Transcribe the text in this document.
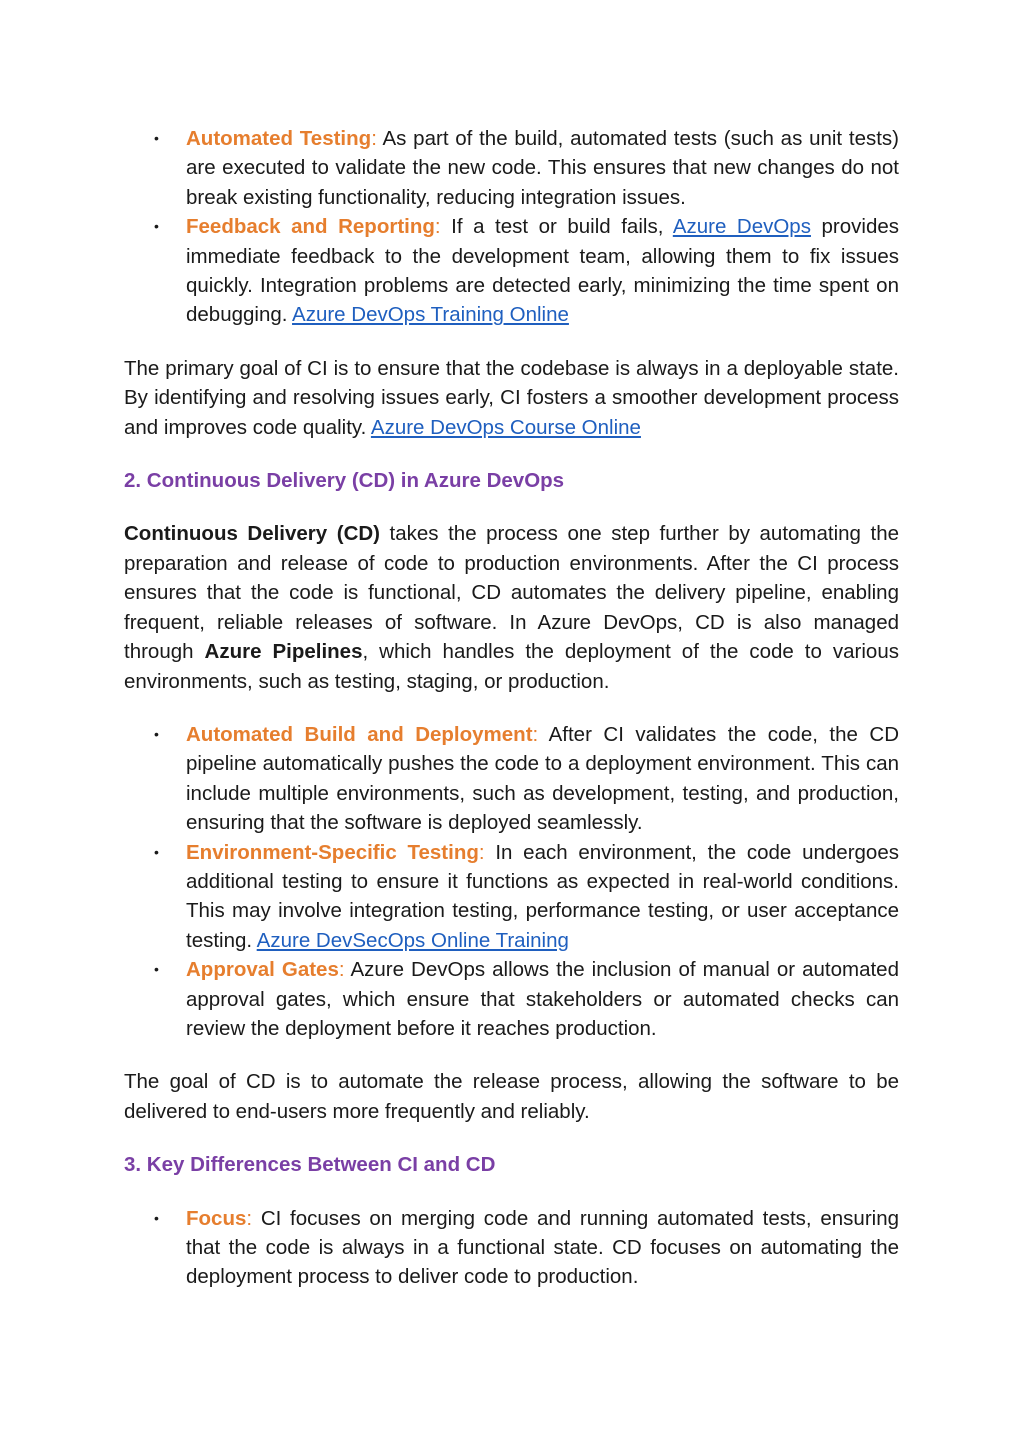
• Automated Testing: As part of the build, automated tests (such as unit tests) are executed to validate the new code. This ensures that new changes do not break existing functionality, reducing integration issues.
• Feedback and Reporting: If a test or build fails, Azure DevOps provides immediate feedback to the development team, allowing them to fix issues quickly. Integration problems are detected early, minimizing the time spent on debugging. Azure DevOps Training Online

The primary goal of CI is to ensure that the codebase is always in a deployable state. By identifying and resolving issues early, CI fosters a smoother development process and improves code quality. Azure DevOps Course Online

2. Continuous Delivery (CD) in Azure DevOps

Continuous Delivery (CD) takes the process one step further by automating the preparation and release of code to production environments. After the CI process ensures that the code is functional, CD automates the delivery pipeline, enabling frequent, reliable releases of software. In Azure DevOps, CD is also managed through Azure Pipelines, which handles the deployment of the code to various environments, such as testing, staging, or production.

• Automated Build and Deployment: After CI validates the code, the CD pipeline automatically pushes the code to a deployment environment. This can include multiple environments, such as development, testing, and production, ensuring that the software is deployed seamlessly.
• Environment-Specific Testing: In each environment, the code undergoes additional testing to ensure it functions as expected in real-world conditions. This may involve integration testing, performance testing, or user acceptance testing. Azure DevSecOps Online Training
• Approval Gates: Azure DevOps allows the inclusion of manual or automated approval gates, which ensure that stakeholders or automated checks can review the deployment before it reaches production.

The goal of CD is to automate the release process, allowing the software to be delivered to end-users more frequently and reliably.

3. Key Differences Between CI and CD
• Focus: CI focuses on merging code and running automated tests, ensuring that the code is always in a functional state. CD focuses on automating the deployment process to deliver code to production.
